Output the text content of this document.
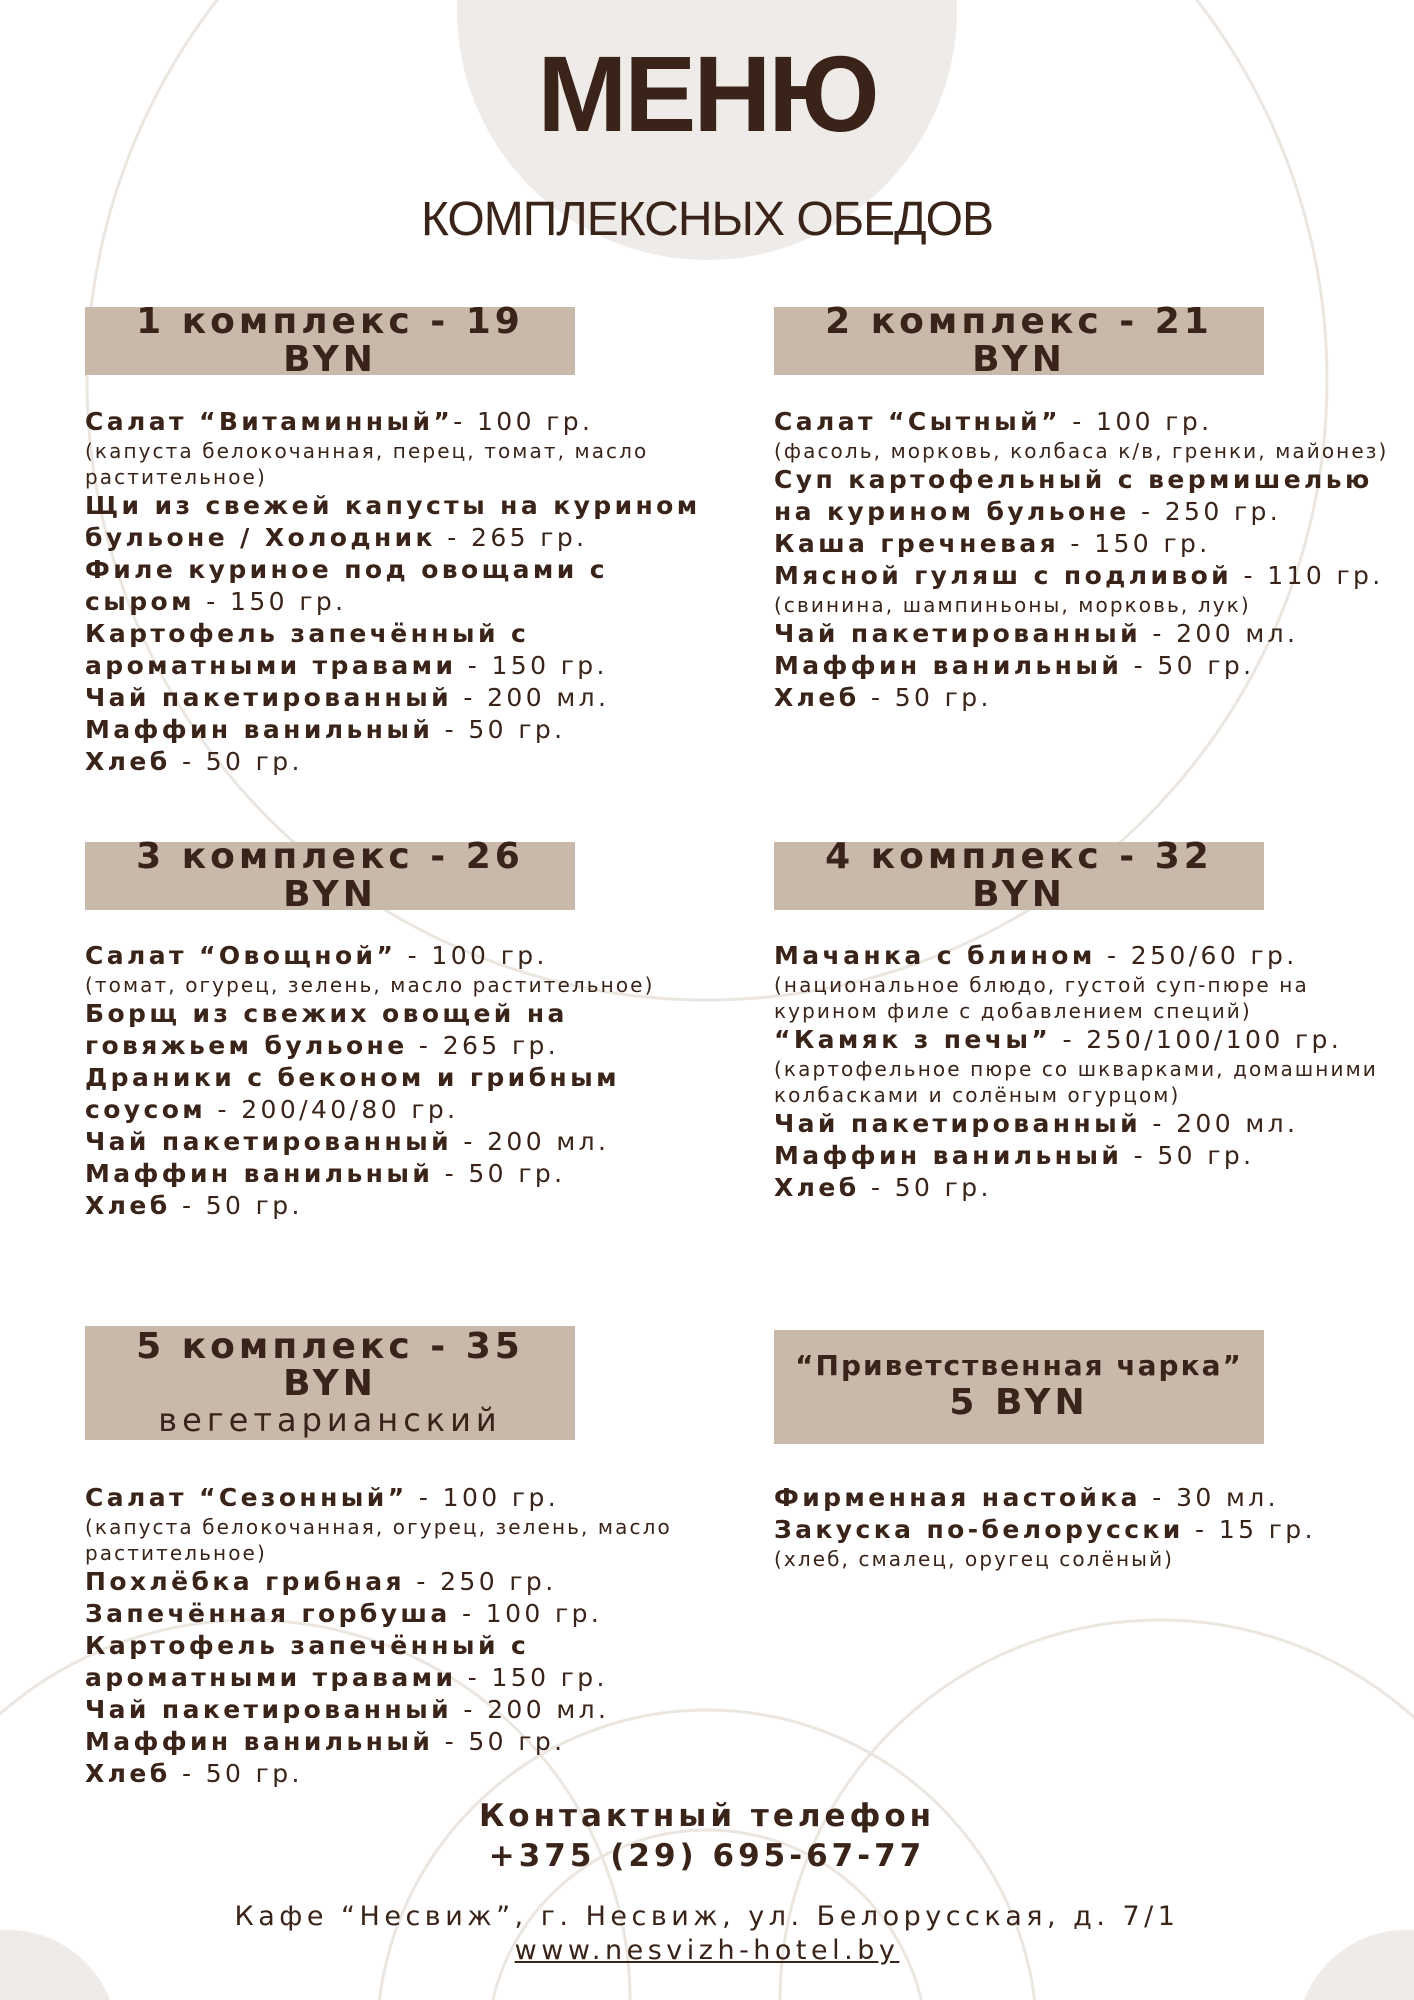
МЕНЮ
КОМПЛЕКСНЫХ ОБЕДОВ
1 комплекс - 19 BYN
Салат “Витаминный”- 100 гр.
(капуста белокочанная, перец, томат, масло растительное)
Щи из свежей капусты на курином бульоне / Холодник - 265 гр.
Филе куриное под овощами с сыром - 150 гр.
Картофель запечённый с ароматными травами - 150 гр.
Чай пакетированный - 200 мл.
Маффин ванильный - 50 гр.
Хлеб - 50 гр.
2 комплекс - 21 BYN
Салат “Сытный” - 100 гр.
(фасоль, морковь, колбаса к/в, гренки, майонез)
Суп картофельный с вермишелью на курином бульоне - 250 гр.
Каша гречневая - 150 гр.
Мясной гуляш с подливой - 110 гр.
(свинина, шампиньоны, морковь, лук)
Чай пакетированный - 200 мл.
Маффин ванильный - 50 гр.
Хлеб - 50 гр.
3 комплекс - 26 BYN
Салат “Овощной” - 100 гр.
(томат, огурец, зелень, масло растительное)
Борщ из свежих овощей на говяжьем бульоне - 265 гр.
Драники с беконом и грибным соусом - 200/40/80 гр.
Чай пакетированный - 200 мл.
Маффин ванильный - 50 гр.
Хлеб - 50 гр.
4 комплекс - 32 BYN
Мачанка с блином - 250/60 гр.
(национальное блюдо, густой суп-пюре на курином филе с добавлением специй)
“Камяк з печы” - 250/100/100 гр.
(картофельное пюре со шкварками, домашними колбасками и солёным огурцом)
Чай пакетированный - 200 мл.
Маффин ванильный - 50 гр.
Хлеб - 50 гр.
5 комплекс - 35 BYN
вегетарианский
Салат “Сезонный” - 100 гр.
(капуста белокочанная, огурец, зелень, масло растительное)
Похлёбка грибная - 250 гр.
Запечённая горбуша - 100 гр.
Картофель запечённый с ароматными травами - 150 гр.
Чай пакетированный - 200 мл.
Маффин ванильный - 50 гр.
Хлеб - 50 гр.
“Приветственная чарка”
5 BYN
Фирменная настойка - 30 мл.
Закуска по-белорусски - 15 гр.
(хлеб, смалец, оругец солёный)
Контактный телефон
+375 (29) 695-67-77
Кафе “Несвиж”, г. Несвиж, ул. Белорусская, д. 7/1
www.nesvizh-hotel.by
